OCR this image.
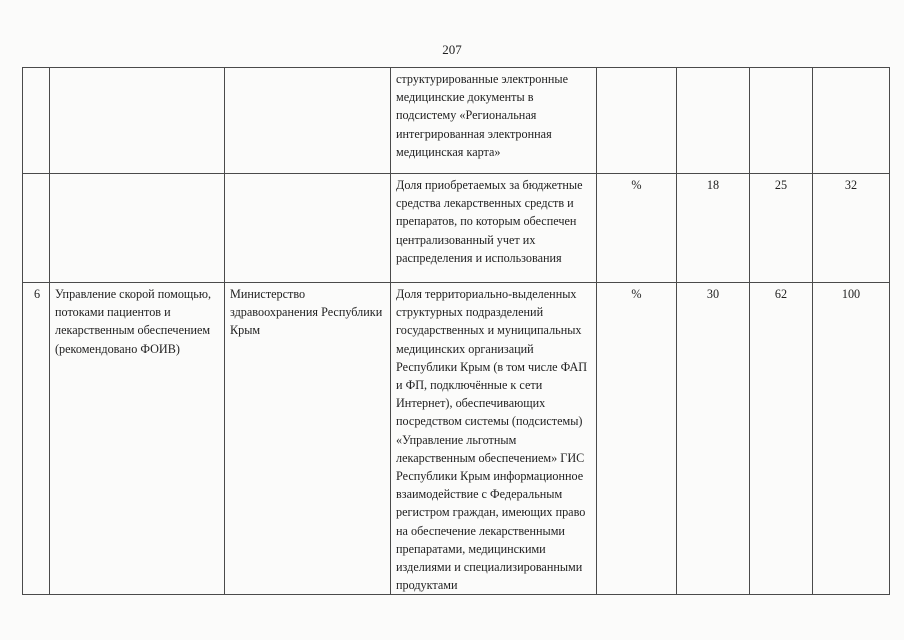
207
			структурированные электронные медицинские документы в подсистему «Региональная интегрированная электронная медицинская карта»				
			Доля приобретаемых за бюджетные средства лекарственных средств и препаратов, по которым обеспечен централизованный учет их распределения и использования	%	18	25	32
6	Управление скорой помощью, потоками пациентов и лекарственным обеспечением (рекомендовано ФОИВ)	Министерство здравоохранения Республики Крым	Доля территориально-выделенных структурных подразделений государственных и муниципальных медицинских организаций Республики Крым (в том числе ФАП и ФП, подключённые к сети Интернет), обеспечивающих посредством системы (подсистемы) «Управление льготным лекарственным обеспечением» ГИС Республики Крым информационное взаимодействие с Федеральным регистром граждан, имеющих право на обеспечение лекарственными препаратами, медицинскими изделиями и специализированными продуктами	%	30	62	100
